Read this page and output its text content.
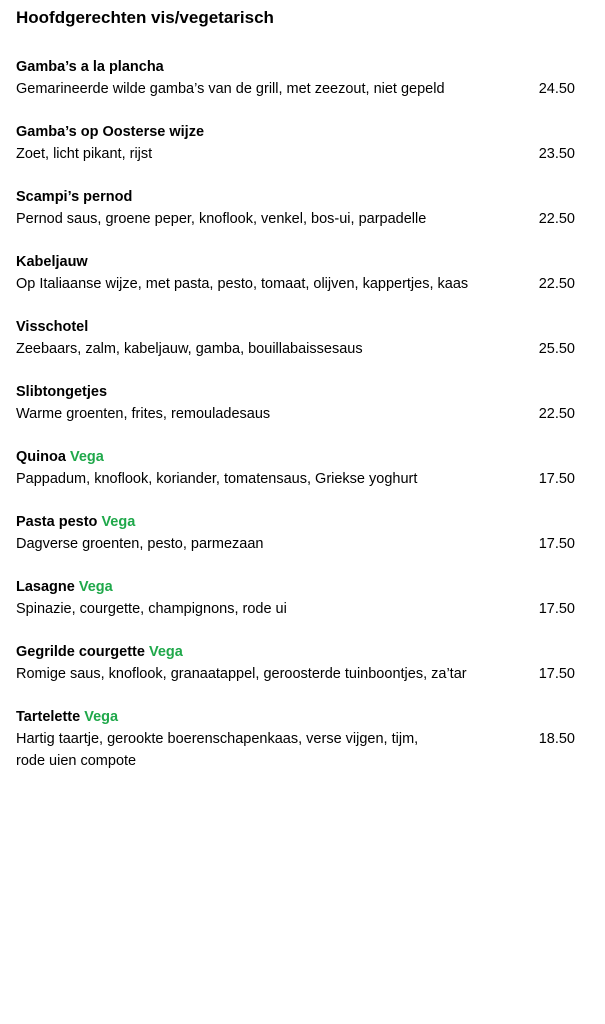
Hoofdgerechten vis/vegetarisch
Gamba’s a la plancha
Gemarineerde wilde gamba’s van de grill, met zeezout, niet gepeld	24.50
Gamba’s op Oosterse wijze
Zoet, licht pikant, rijst	23.50
Scampi’s pernod
Pernod saus, groene peper, knoflook, venkel, bos-ui, parpadelle	22.50
Kabeljauw
Op Italiaanse wijze, met pasta, pesto, tomaat, olijven, kappertjes, kaas	22.50
Visschotel
Zeebaars, zalm, kabeljauw, gamba, bouillabaissesaus	25.50
Slibtongetjes
Warme groenten, frites, remouladesaus	22.50
Quinoa Vega
Pappadum, knoflook, koriander, tomatensaus, Griekse yoghurt	17.50
Pasta pesto Vega
Dagverse groenten, pesto, parmezaan	17.50
Lasagne Vega
Spinazie, courgette, champignons, rode ui	17.50
Gegrilde courgette Vega
Romige saus, knoflook, granaatappel, geroosterde tuinboontjes, za’tar	17.50
Tartelette Vega
Hartig taartje, gerookte boerenschapenkaas, verse vijgen, tijm,
rode uien compote
18.50
